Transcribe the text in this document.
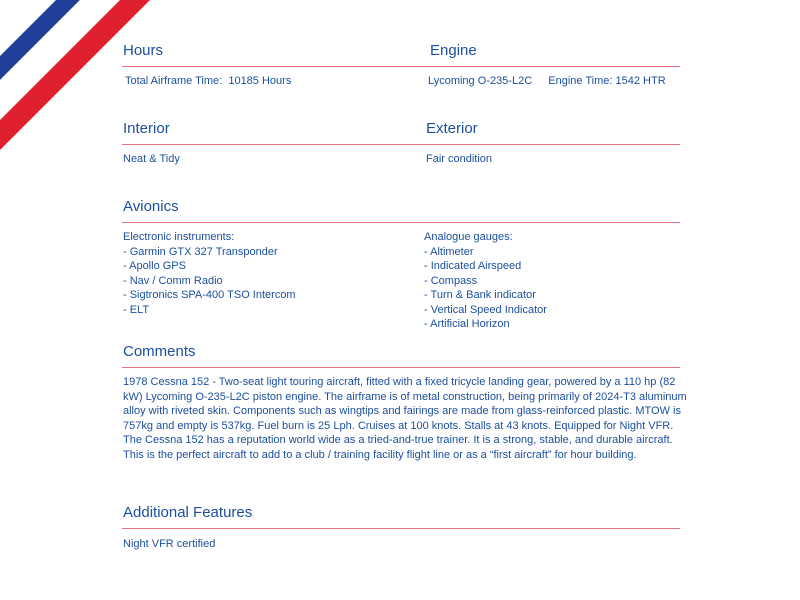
Hours
Total Airframe Time: 10185 Hours
Engine
Lycoming O-235-L2C Engine Time: 1542 HTR
Interior
Neat & Tidy
Exterior
Fair condition
Avionics
Electronic instruments:
- Garmin GTX 327 Transponder
- Apollo GPS
- Nav / Comm Radio
- Sigtronics SPA-400 TSO Intercom
- ELT
Analogue gauges:
- Altimeter
- Indicated Airspeed
- Compass
- Turn & Bank indicator
- Vertical Speed Indicator
- Artificial Horizon
Comments

1978 Cessna 152 - Two-seat light touring aircraft, fitted with a fixed tricycle landing gear, powered by a 110 hp (82 kW) Lycoming O-235-L2C piston engine. The airframe is of metal construction, being primarily of 2024-T3 aluminum alloy with riveted skin. Components such as wingtips and fairings are made from glass-reinforced plastic. MTOW is 757kg and empty is 537kg. Fuel burn is 25 Lph. Cruises at 100 knots. Stalls at 43 knots. Equipped for Night VFR. The Cessna 152 has a reputation world wide as a tried-and-true trainer. It is a strong, stable, and durable aircraft. This is the perfect aircraft to add to a club / training facility flight line or as a “first aircraft” for hour building.

Additional Features
Night VFR certified
